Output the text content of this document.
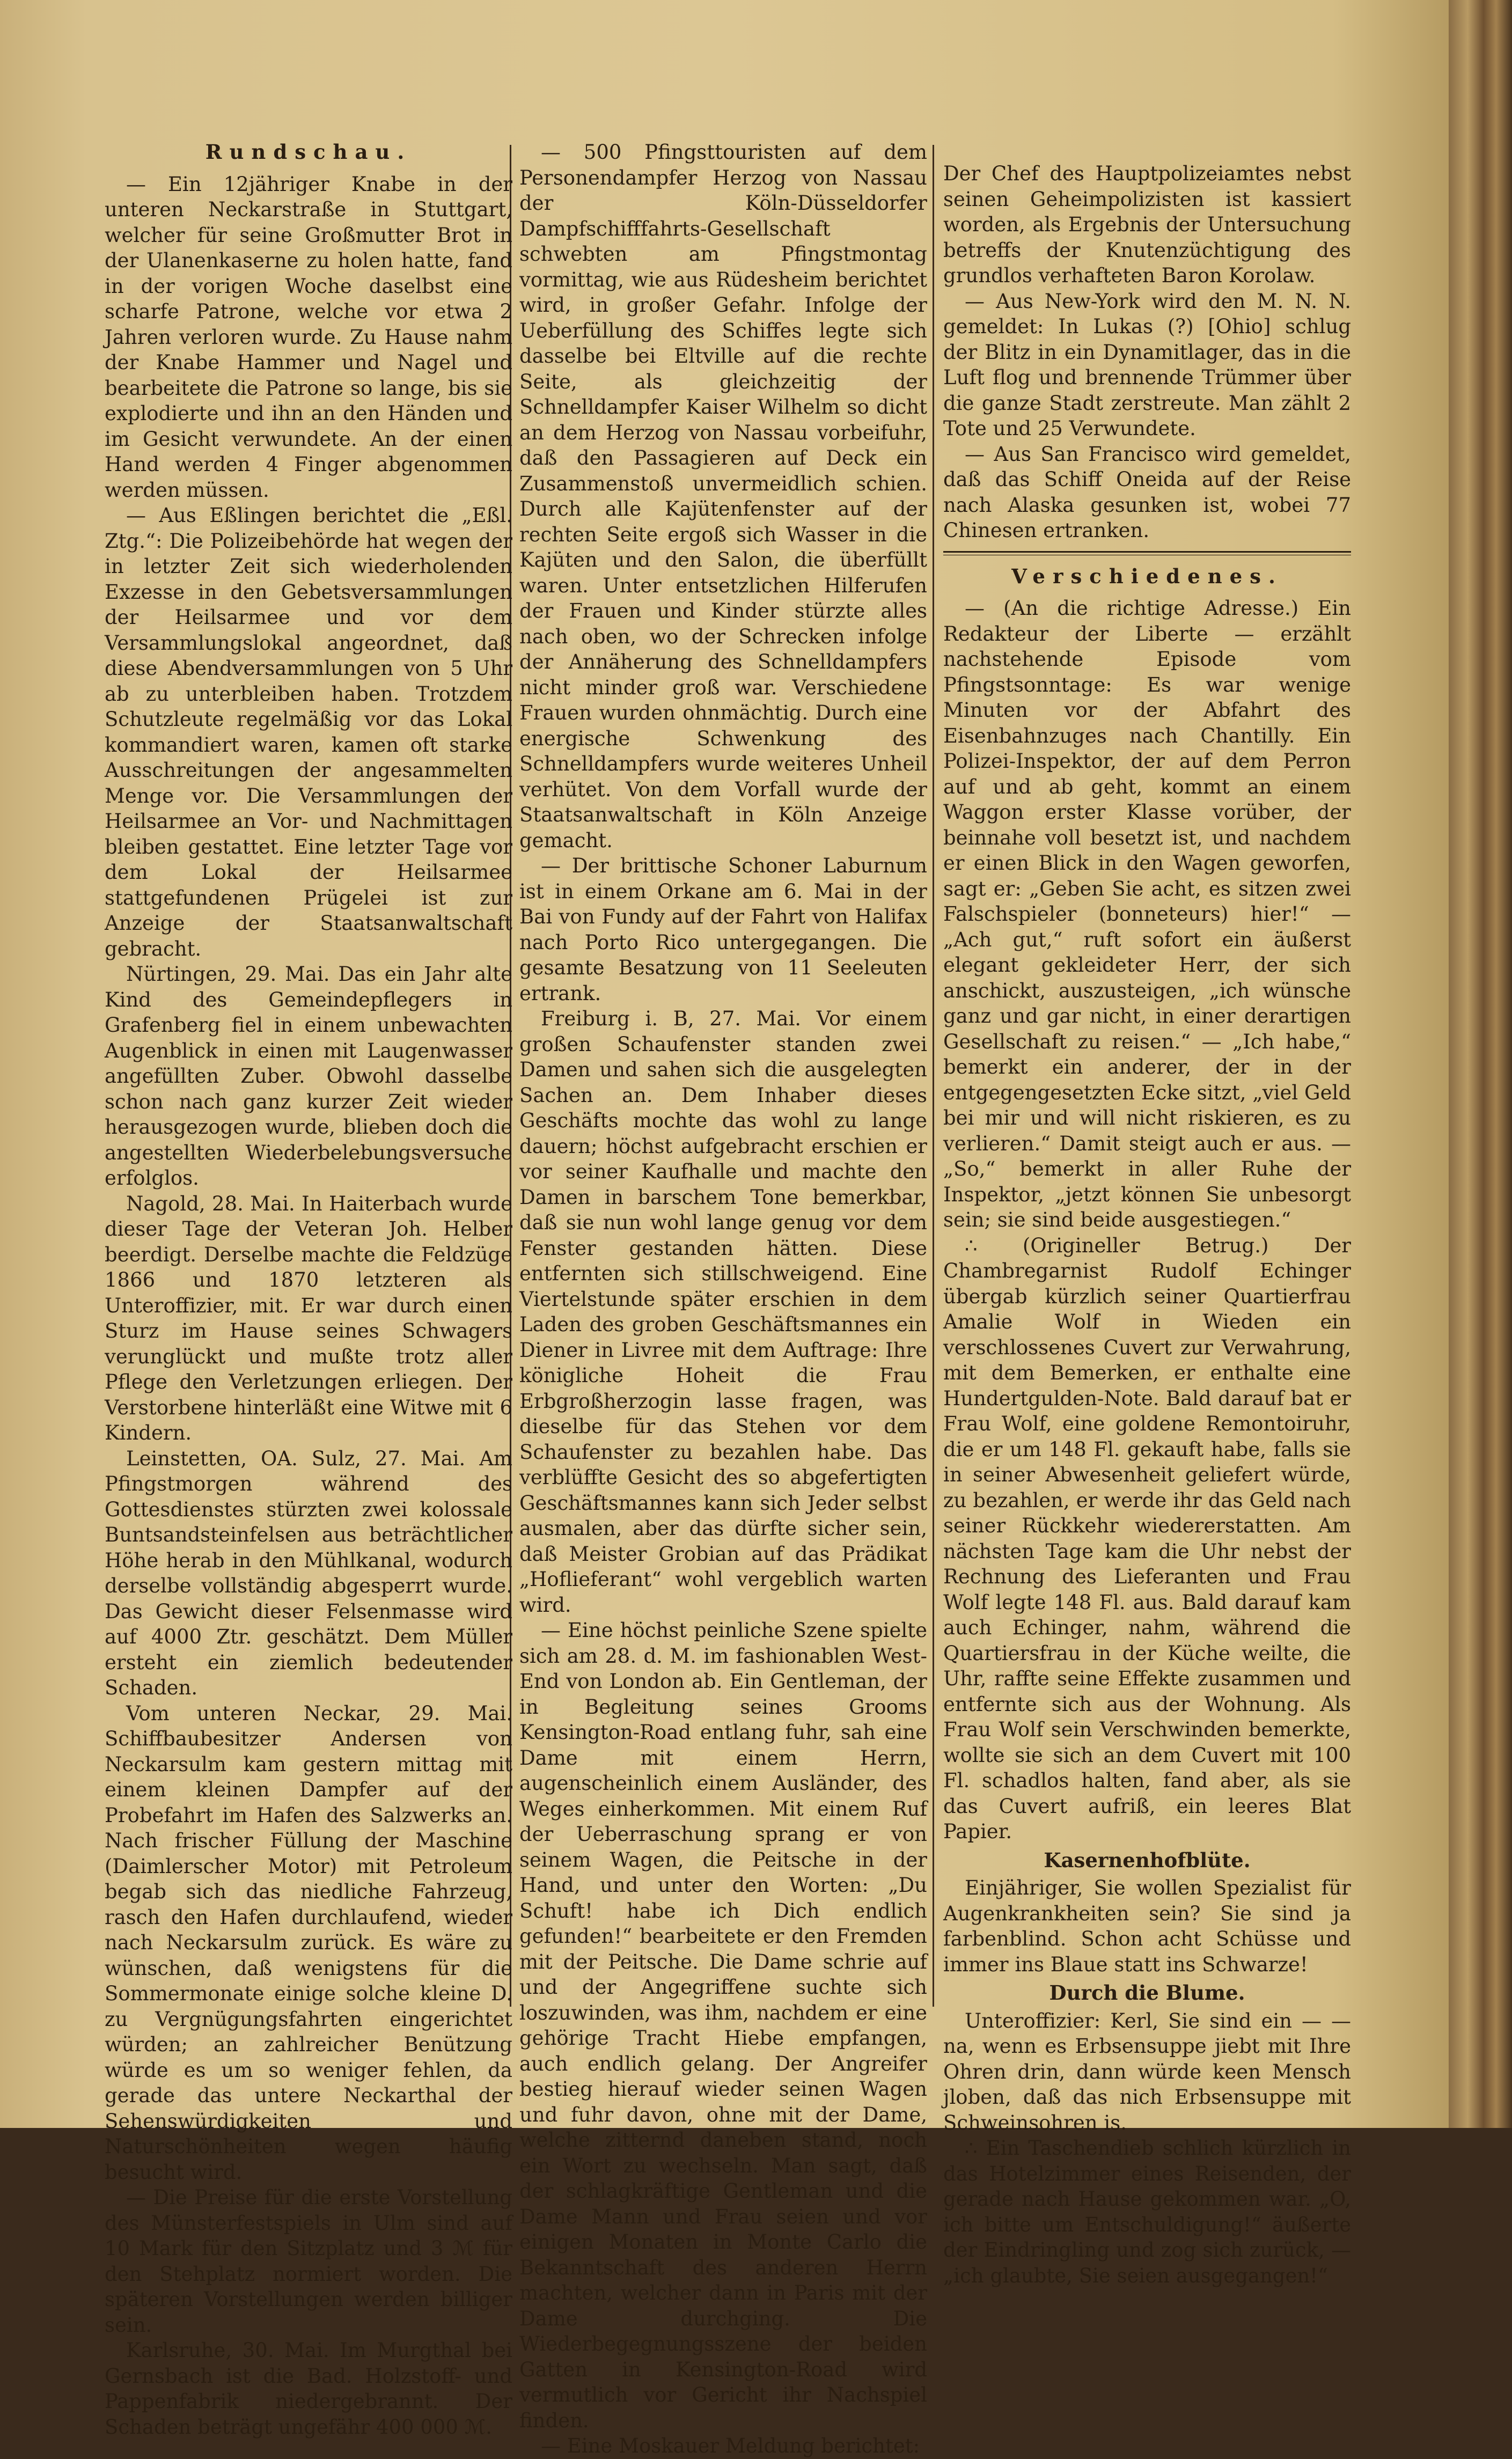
Rundschau.

— Ein 12jähriger Knabe in der unteren Neckarstraße in Stuttgart, welcher für seine Großmutter Brot in der Ulanenkaserne zu holen hatte, fand in der vorigen Woche daselbst eine scharfe Patrone, welche vor etwa 2 Jahren verloren wurde. Zu Hause nahm der Knabe Hammer und Nagel und bearbeitete die Patrone so lange, bis sie explodierte und ihn an den Händen und im Gesicht verwundete. An der einen Hand werden 4 Finger abgenommen werden müssen.

— Aus Eßlingen berichtet die „Eßl. Ztg.“: Die Polizeibehörde hat wegen der in letzter Zeit sich wiederholenden Exzesse in den Gebetsversammlungen der Heilsarmee und vor dem Versammlungslokal angeordnet, daß diese Abendversammlungen von 5 Uhr ab zu unterbleiben haben. Trotzdem Schutzleute regelmäßig vor das Lokal kommandiert waren, kamen oft starke Ausschreitungen der angesammelten Menge vor. Die Versammlungen der Heilsarmee an Vor- und Nachmittagen bleiben gestattet. Eine letzter Tage vor dem Lokal der Heilsarmee stattgefundenen Prügelei ist zur Anzeige der Staatsanwaltschaft gebracht.

Nürtingen, 29. Mai. Das ein Jahr alte Kind des Gemeindepflegers in Grafenberg fiel in einem unbewachten Augenblick in einen mit Laugenwasser angefüllten Zuber. Obwohl dasselbe schon nach ganz kurzer Zeit wieder herausgezogen wurde, blieben doch die angestellten Wiederbelebungsversuche erfolglos.

Nagold, 28. Mai. In Haiterbach wurde dieser Tage der Veteran Joh. Helber beerdigt. Derselbe machte die Feldzüge 1866 und 1870 letzteren als Unteroffizier, mit. Er war durch einen Sturz im Hause seines Schwagers verunglückt und mußte trotz aller Pflege den Verletzungen erliegen. Der Verstorbene hinterläßt eine Witwe mit 6 Kindern.

Leinstetten, OA. Sulz, 27. Mai. Am Pfingstmorgen während des Gottesdienstes stürzten zwei kolossale Buntsandsteinfelsen aus beträchtlicher Höhe herab in den Mühlkanal, wodurch derselbe vollständig abgesperrt wurde. Das Gewicht dieser Felsenmasse wird auf 4000 Ztr. geschätzt. Dem Müller ersteht ein ziemlich bedeutender Schaden.

Vom unteren Neckar, 29. Mai. Schiffbaubesitzer Andersen von Neckarsulm kam gestern mittag mit einem kleinen Dampfer auf der Probefahrt im Hafen des Salzwerks an. Nach frischer Füllung der Maschine (Daimlerscher Motor) mit Petroleum begab sich das niedliche Fahrzeug, rasch den Hafen durchlaufend, wieder nach Neckarsulm zurück. Es wäre zu wünschen, daß wenigstens für die Sommermonate einige solche kleine D. zu Vergnügungsfahrten eingerichtet würden; an zahlreicher Benützung würde es um so weniger fehlen, da gerade das untere Neckarthal der Sehenswürdigkeiten und Naturschönheiten wegen häufig besucht wird.

— Die Preise für die erste Vorstellung des Münsterfestspiels in Ulm sind auf 10 Mark für den Sitzplatz und 3 ℳ für den Stehplatz normiert worden. Die späteren Vorstellungen werden billiger sein.

Karlsruhe, 30. Mai. Im Murgthal bei Gernsbach ist die Bad. Holzstoff- und Pappenfabrik niedergebrannt. Der Schaden beträgt ungefähr 400 000 ℳ.

— 500 Pfingsttouristen auf dem Personendampfer Herzog von Nassau der Köln-Düsseldorfer Dampfschifffahrts-Gesellschaft schwebten am Pfingstmontag vormittag, wie aus Rüdesheim berichtet wird, in großer Gefahr. Infolge der Ueberfüllung des Schiffes legte sich dasselbe bei Eltville auf die rechte Seite, als gleichzeitig der Schnelldampfer Kaiser Wilhelm so dicht an dem Herzog von Nassau vorbeifuhr, daß den Passagieren auf Deck ein Zusammenstoß unvermeidlich schien. Durch alle Kajütenfenster auf der rechten Seite ergoß sich Wasser in die Kajüten und den Salon, die überfüllt waren. Unter entsetzlichen Hilferufen der Frauen und Kinder stürzte alles nach oben, wo der Schrecken infolge der Annäherung des Schnelldampfers nicht minder groß war. Verschiedene Frauen wurden ohnmächtig. Durch eine energische Schwenkung des Schnelldampfers wurde weiteres Unheil verhütet. Von dem Vorfall wurde der Staatsanwaltschaft in Köln Anzeige gemacht.

— Der brittische Schoner Laburnum ist in einem Orkane am 6. Mai in der Bai von Fundy auf der Fahrt von Halifax nach Porto Rico untergegangen. Die gesamte Besatzung von 11 Seeleuten ertrank.

Freiburg i. B, 27. Mai. Vor einem großen Schaufenster standen zwei Damen und sahen sich die ausgelegten Sachen an. Dem Inhaber dieses Geschäfts mochte das wohl zu lange dauern; höchst aufgebracht erschien er vor seiner Kaufhalle und machte den Damen in barschem Tone bemerkbar, daß sie nun wohl lange genug vor dem Fenster gestanden hätten. Diese entfernten sich stillschweigend. Eine Viertelstunde später erschien in dem Laden des groben Geschäftsmannes ein Diener in Livree mit dem Auftrage: Ihre königliche Hoheit die Frau Erbgroßherzogin lasse fragen, was dieselbe für das Stehen vor dem Schaufenster zu bezahlen habe. Das verblüffte Gesicht des so abgefertigten Geschäftsmannes kann sich Jeder selbst ausmalen, aber das dürfte sicher sein, daß Meister Grobian auf das Prädikat „Hoflieferant“ wohl vergeblich warten wird.

— Eine höchst peinliche Szene spielte sich am 28. d. M. im fashionablen West-End von London ab. Ein Gentleman, der in Begleitung seines Grooms Kensington-Road entlang fuhr, sah eine Dame mit einem Herrn, augenscheinlich einem Ausländer, des Weges einherkommen. Mit einem Ruf der Ueberraschung sprang er von seinem Wagen, die Peitsche in der Hand, und unter den Worten: „Du Schuft! habe ich Dich endlich gefunden!“ bearbeitete er den Fremden mit der Peitsche. Die Dame schrie auf und der Angegriffene suchte sich loszuwinden, was ihm, nachdem er eine gehörige Tracht Hiebe empfangen, auch endlich gelang. Der Angreifer bestieg hierauf wieder seinen Wagen und fuhr davon, ohne mit der Dame, welche zitternd daneben stand, noch ein Wort zu wechseln. Man sagt, daß der schlagkräftige Gentleman und die Dame Mann und Frau seien und vor einigen Monaten in Monte Carlo die Bekanntschaft des anderen Herrn machten, welcher dann in Paris mit der Dame durchging. Die Wiederbegegnungsszene der beiden Gatten in Kensington-Road wird vermutlich vor Gericht ihr Nachspiel finden.

— Eine Moskauer Meldung berichtet:

Der Chef des Hauptpolizeiamtes nebst seinen Geheimpolizisten ist kassiert worden, als Ergebnis der Untersuchung betreffs der Knutenzüchtigung des grundlos verhafteten Baron Korolaw.

— Aus New-York wird den M. N. N. gemeldet: In Lukas (?) [Ohio] schlug der Blitz in ein Dynamitlager, das in die Luft flog und brennende Trümmer über die ganze Stadt zerstreute. Man zählt 2 Tote und 25 Verwundete.

— Aus San Francisco wird gemeldet, daß das Schiff Oneida auf der Reise nach Alaska gesunken ist, wobei 77 Chinesen ertranken.

Verschiedenes.

— (An die richtige Adresse.) Ein Redakteur der Liberte — erzählt nachstehende Episode vom Pfingstsonntage: Es war wenige Minuten vor der Abfahrt des Eisenbahnzuges nach Chantilly. Ein Polizei-Inspektor, der auf dem Perron auf und ab geht, kommt an einem Waggon erster Klasse vorüber, der beinnahe voll besetzt ist, und nachdem er einen Blick in den Wagen geworfen, sagt er: „Geben Sie acht, es sitzen zwei Falschspieler (bonneteurs) hier!“ — „Ach gut,“ ruft sofort ein äußerst elegant gekleideter Herr, der sich anschickt, auszusteigen, „ich wünsche ganz und gar nicht, in einer derartigen Gesellschaft zu reisen.“ — „Ich habe,“ bemerkt ein anderer, der in der entgegengesetzten Ecke sitzt, „viel Geld bei mir und will nicht riskieren, es zu verlieren.“ Damit steigt auch er aus. — „So,“ bemerkt in aller Ruhe der Inspektor, „jetzt können Sie unbesorgt sein; sie sind beide ausgestiegen.“

∴ (Origineller Betrug.) Der Chambregarnist Rudolf Echinger übergab kürzlich seiner Quartierfrau Amalie Wolf in Wieden ein verschlossenes Cuvert zur Verwahrung, mit dem Bemerken, er enthalte eine Hundertgulden-Note. Bald darauf bat er Frau Wolf, eine goldene Remontoiruhr, die er um 148 Fl. gekauft habe, falls sie in seiner Abwesenheit geliefert würde, zu bezahlen, er werde ihr das Geld nach seiner Rückkehr wiedererstatten. Am nächsten Tage kam die Uhr nebst der Rechnung des Lieferanten und Frau Wolf legte 148 Fl. aus. Bald darauf kam auch Echinger, nahm, während die Quartiersfrau in der Küche weilte, die Uhr, raffte seine Effekte zusammen und entfernte sich aus der Wohnung. Als Frau Wolf sein Verschwinden bemerkte, wollte sie sich an dem Cuvert mit 100 Fl. schadlos halten, fand aber, als sie das Cuvert aufriß, ein leeres Blat Papier.

Kasernenhofblüte.

Einjähriger, Sie wollen Spezialist für Augenkrankheiten sein? Sie sind ja farbenblind. Schon acht Schüsse und immer ins Blaue statt ins Schwarze!

Durch die Blume.

Unteroffizier: Kerl, Sie sind ein — — na, wenn es Erbsensuppe jiebt mit Ihre Ohren drin, dann würde keen Mensch jloben, daß das nich Erbsensuppe mit Schweinsohren is.

∴ Ein Taschendieb schlich kürzlich in das Hotelzimmer eines Reisenden, der gerade nach Hause gekommen war. „O, ich bitte um Entschuldigung!“ äußerte der Eindringling und zog sich zurück, — „ich glaubte, Sie seien ausgegangen!“
